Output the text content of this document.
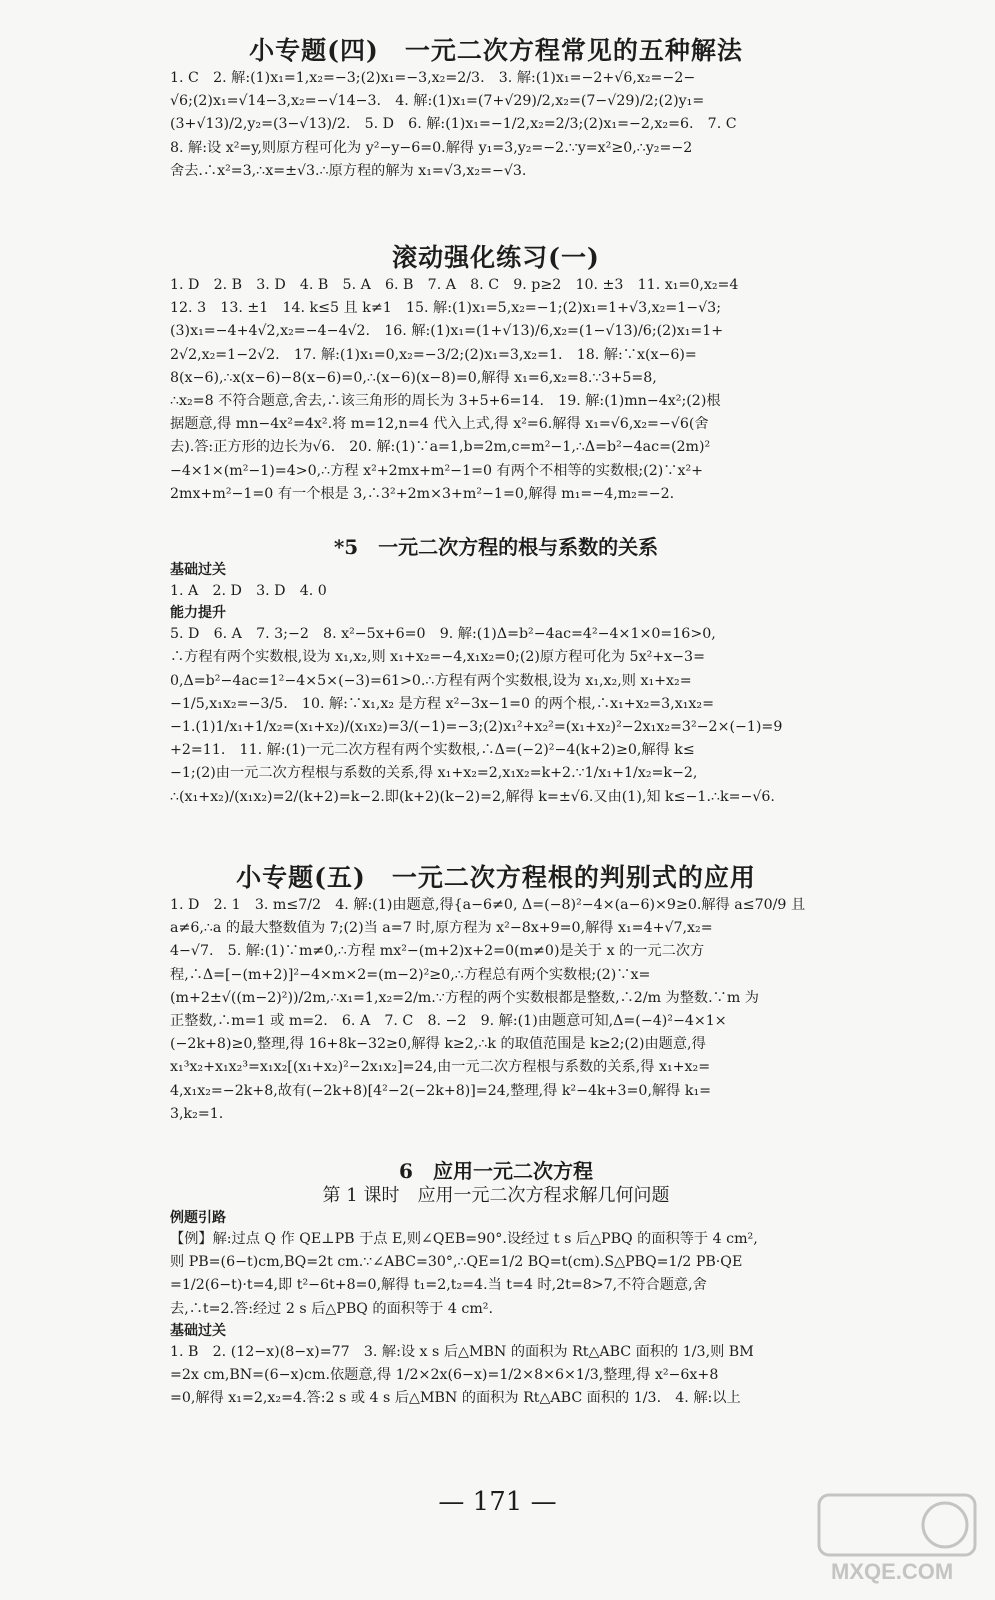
小专题(四)　一元二次方程常见的五种解法
1. C　2. 解:(1)x₁=1,x₂=−3;(2)x₁=−3,x₂=2/3.　3. 解:(1)x₁=−2+√6,x₂=−2−
√6;(2)x₁=√14−3,x₂=−√14−3.　4. 解:(1)x₁=(7+√29)/2,x₂=(7−√29)/2;(2)y₁=
(3+√13)/2,y₂=(3−√13)/2.　5. D　6. 解:(1)x₁=−1/2,x₂=2/3;(2)x₁=−2,x₂=6.　7. C
8. 解:设 x²=y,则原方程可化为 y²−y−6=0.解得 y₁=3,y₂=−2.∵y=x²≥0,∴y₂=−2
舍去.∴x²=3,∴x=±√3.∴原方程的解为 x₁=√3,x₂=−√3.
滚动强化练习(一)
1. D　2. B　3. D　4. B　5. A　6. B　7. A　8. C　9. p≥2　10. ±3　11. x₁=0,x₂=4
12. 3　13. ±1　14. k≤5 且 k≠1　15. 解:(1)x₁=5,x₂=−1;(2)x₁=1+√3,x₂=1−√3;
(3)x₁=−4+4√2,x₂=−4−4√2.　16. 解:(1)x₁=(1+√13)/6,x₂=(1−√13)/6;(2)x₁=1+
2√2,x₂=1−2√2.　17. 解:(1)x₁=0,x₂=−3/2;(2)x₁=3,x₂=1.　18. 解:∵x(x−6)=
8(x−6),∴x(x−6)−8(x−6)=0,∴(x−6)(x−8)=0,解得 x₁=6,x₂=8.∵3+5=8,
∴x₂=8 不符合题意,舍去,∴该三角形的周长为 3+5+6=14.　19. 解:(1)mn−4x²;(2)根
据题意,得 mn−4x²=4x².将 m=12,n=4 代入上式,得 x²=6.解得 x₁=√6,x₂=−√6(舍
去).答:正方形的边长为√6.　20. 解:(1)∵a=1,b=2m,c=m²−1,∴Δ=b²−4ac=(2m)²
−4×1×(m²−1)=4>0,∴方程 x²+2mx+m²−1=0 有两个不相等的实数根;(2)∵x²+
2mx+m²−1=0 有一个根是 3,∴3²+2m×3+m²−1=0,解得 m₁=−4,m₂=−2.
*5　一元二次方程的根与系数的关系
基础过关
1. A　2. D　3. D　4. 0
能力提升
5. D　6. A　7. 3;−2　8. x²−5x+6=0　9. 解:(1)Δ=b²−4ac=4²−4×1×0=16>0,
∴方程有两个实数根,设为 x₁,x₂,则 x₁+x₂=−4,x₁x₂=0;(2)原方程可化为 5x²+x−3=
0,Δ=b²−4ac=1²−4×5×(−3)=61>0.∴方程有两个实数根,设为 x₁,x₂,则 x₁+x₂=
−1/5,x₁x₂=−3/5.　10. 解:∵x₁,x₂ 是方程 x²−3x−1=0 的两个根,∴x₁+x₂=3,x₁x₂=
−1.(1)1/x₁+1/x₂=(x₁+x₂)/(x₁x₂)=3/(−1)=−3;(2)x₁²+x₂²=(x₁+x₂)²−2x₁x₂=3²−2×(−1)=9
+2=11.　11. 解:(1)一元二次方程有两个实数根,∴Δ=(−2)²−4(k+2)≥0,解得 k≤
−1;(2)由一元二次方程根与系数的关系,得 x₁+x₂=2,x₁x₂=k+2.∵1/x₁+1/x₂=k−2,
∴(x₁+x₂)/(x₁x₂)=2/(k+2)=k−2.即(k+2)(k−2)=2,解得 k=±√6.又由(1),知 k≤−1.∴k=−√6.
小专题(五)　一元二次方程根的判别式的应用
1. D　2. 1　3. m≤7/2　4. 解:(1)由题意,得{a−6≠0, Δ=(−8)²−4×(a−6)×9≥0.解得 a≤70/9 且
a≠6,∴a 的最大整数值为 7;(2)当 a=7 时,原方程为 x²−8x+9=0,解得 x₁=4+√7,x₂=
4−√7.　5. 解:(1)∵m≠0,∴方程 mx²−(m+2)x+2=0(m≠0)是关于 x 的一元二次方
程,∴Δ=[−(m+2)]²−4×m×2=(m−2)²≥0,∴方程总有两个实数根;(2)∵x=
(m+2±√((m−2)²))/2m,∴x₁=1,x₂=2/m.∵方程的两个实数根都是整数,∴2/m 为整数.∵m 为
正整数,∴m=1 或 m=2.　6. A　7. C　8. −2　9. 解:(1)由题意可知,Δ=(−4)²−4×1×
(−2k+8)≥0,整理,得 16+8k−32≥0,解得 k≥2,∴k 的取值范围是 k≥2;(2)由题意,得
x₁³x₂+x₁x₂³=x₁x₂[(x₁+x₂)²−2x₁x₂]=24,由一元二次方程根与系数的关系,得 x₁+x₂=
4,x₁x₂=−2k+8,故有(−2k+8)[4²−2(−2k+8)]=24,整理,得 k²−4k+3=0,解得 k₁=
3,k₂=1.
6　应用一元二次方程
第 1 课时　应用一元二次方程求解几何问题
例题引路
【例】解:过点 Q 作 QE⊥PB 于点 E,则∠QEB=90°.设经过 t s 后△PBQ 的面积等于 4 cm²,
则 PB=(6−t)cm,BQ=2t cm.∵∠ABC=30°,∴QE=1/2 BQ=t(cm).S△PBQ=1/2 PB·QE
=1/2(6−t)·t=4,即 t²−6t+8=0,解得 t₁=2,t₂=4.当 t=4 时,2t=8>7,不符合题意,舍
去,∴t=2.答:经过 2 s 后△PBQ 的面积等于 4 cm².
基础过关
1. B　2. (12−x)(8−x)=77　3. 解:设 x s 后△MBN 的面积为 Rt△ABC 面积的 1/3,则 BM
=2x cm,BN=(6−x)cm.依题意,得 1/2×2x(6−x)=1/2×8×6×1/3,整理,得 x²−6x+8
=0,解得 x₁=2,x₂=4.答:2 s 或 4 s 后△MBN 的面积为 Rt△ABC 面积的 1/3.　4. 解:以上
— 171 —
MXQE.COM
